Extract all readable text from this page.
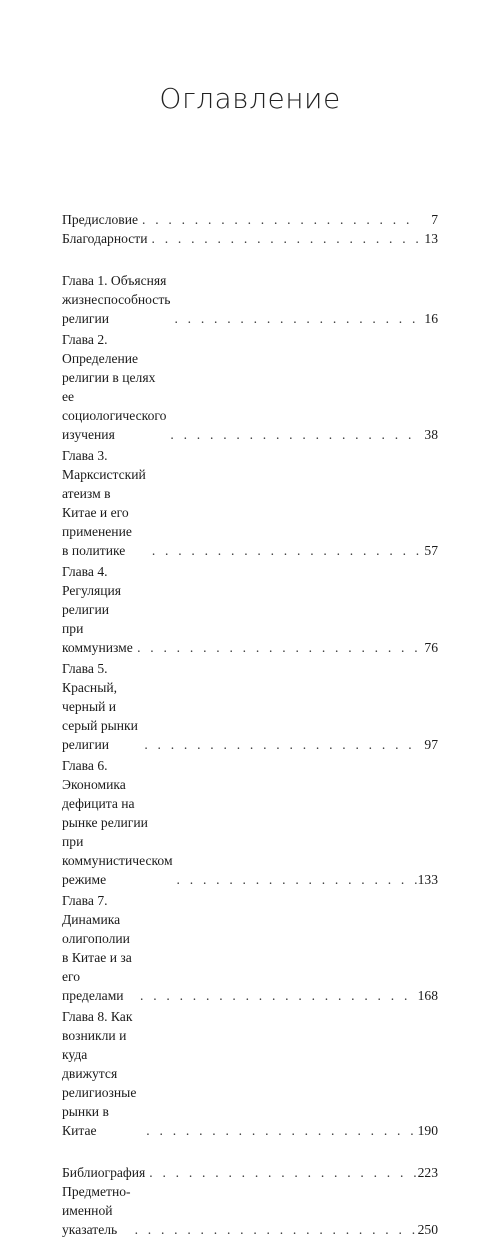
Оглавление
Предисловие . . .	7
Благодарности . . .	13
Глава 1. Объясняя жизнеспособность религии . . .	16
Глава 2. Определение религии в целях ее социологического
изучения . . .	38
Глава 3. Марксистский атеизм в Китае и его применение
в политике . . .	57
Глава 4. Регуляция религии при коммунизме . . .	76
Глава 5. Красный, черный и серый рынки религии . . .	97
Глава 6. Экономика дефицита на рынке религии
при коммунистическом режиме . . .	133
Глава 7. Динамика олигополии в Китае и за его
пределами . . .	168
Глава 8. Как возникли и куда движутся религиозные
рынки в Китае . . .	190
Библиография . . .	223
Предметно-именной указатель . . .	250
